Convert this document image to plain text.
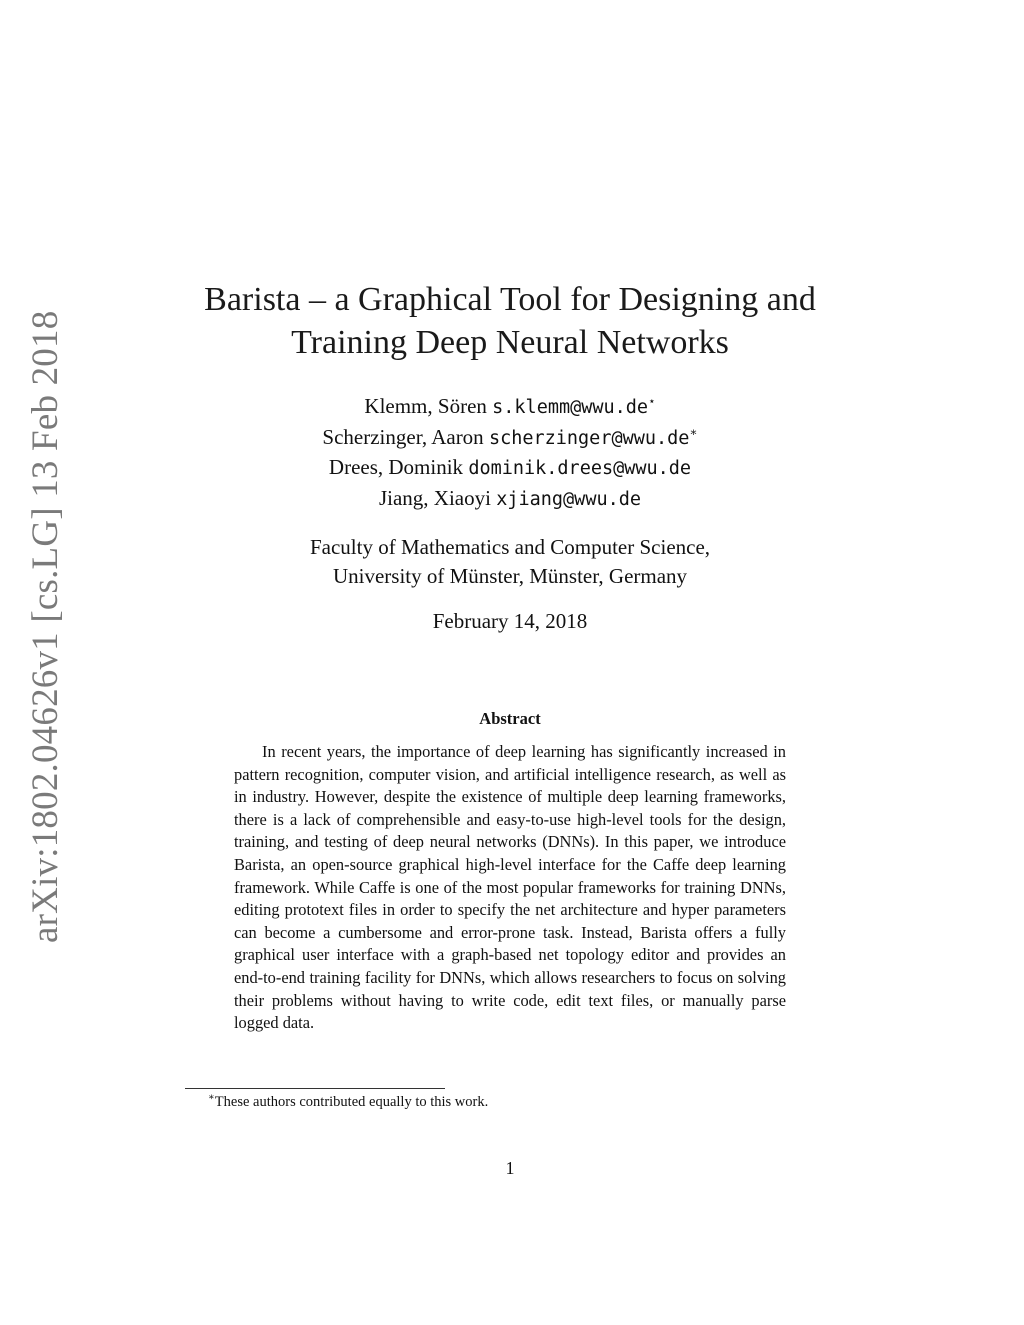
arXiv:1802.04626v1 [cs.LG] 13 Feb 2018
Barista – a Graphical Tool for Designing and
Training Deep Neural Networks
Klemm, Sören s.klemm@wwu.de⋆
Scherzinger, Aaron scherzinger@wwu.de∗
Drees, Dominik dominik.drees@wwu.de
Jiang, Xiaoyi xjiang@wwu.de
Faculty of Mathematics and Computer Science,
University of Münster, Münster, Germany
February 14, 2018
Abstract
In recent years, the importance of deep learning has significantly increased in pattern recognition, computer vision, and artificial intelligence research, as well as in industry. However, despite the existence of multiple deep learning frameworks, there is a lack of comprehensible and easy-to-use high-level tools for the design, training, and testing of deep neural networks (DNNs). In this paper, we introduce Barista, an open-source graphical high-level interface for the Caffe deep learning framework. While Caffe is one of the most popular frameworks for training DNNs, editing prototext files in order to specify the net architecture and hyper parameters can become a cumbersome and error-prone task. Instead, Barista offers a fully graphical user interface with a graph-based net topology editor and provides an end-to-end training facility for DNNs, which allows researchers to focus on solving their problems without having to write code, edit text files, or manually parse logged data.
∗These authors contributed equally to this work.
1
